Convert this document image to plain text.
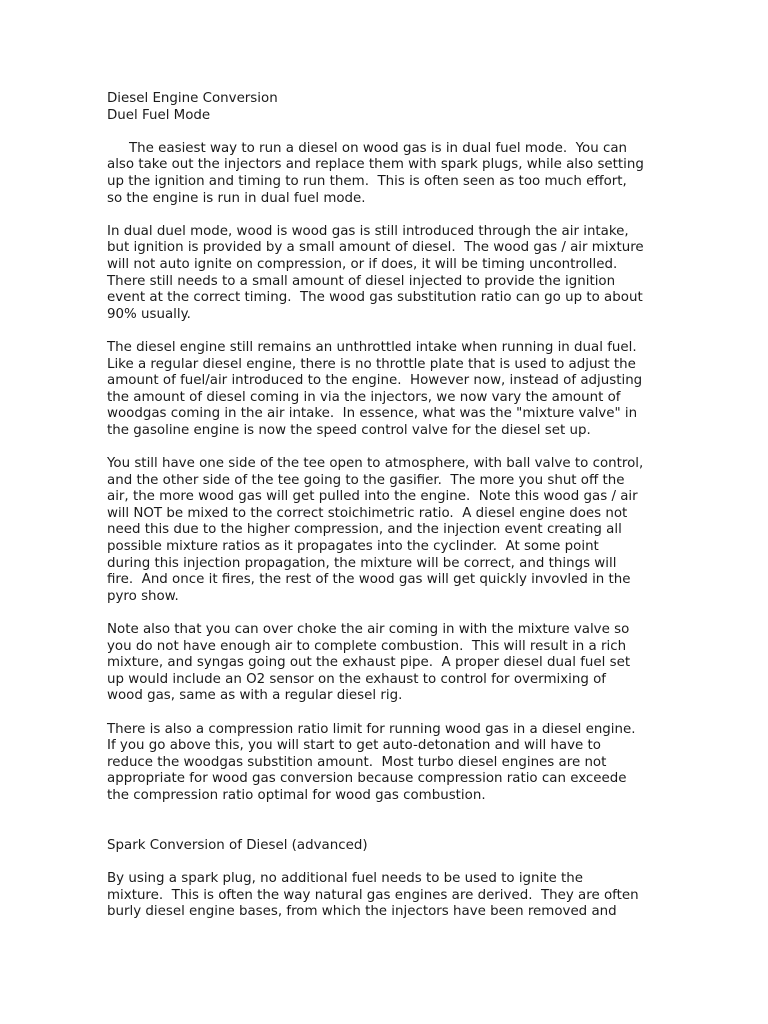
Diesel Engine Conversion

Duel Fuel Mode

The easiest way to run a diesel on wood gas is in dual fuel mode.  You can

also take out the injectors and replace them with spark plugs, while also setting

up the ignition and timing to run them.  This is often seen as too much effort,

so the engine is run in dual fuel mode.

In dual duel mode, wood is wood gas is still introduced through the air intake,

but ignition is provided by a small amount of diesel.  The wood gas / air mixture

will not auto ignite on compression, or if does, it will be timing uncontrolled.

There still needs to a small amount of diesel injected to provide the ignition

event at the correct timing.  The wood gas substitution ratio can go up to about

90% usually.

The diesel engine still remains an unthrottled intake when running in dual fuel.

Like a regular diesel engine, there is no throttle plate that is used to adjust the

amount of fuel/air introduced to the engine.  However now, instead of adjusting

the amount of diesel coming in via the injectors, we now vary the amount of

woodgas coming in the air intake.  In essence, what was the "mixture valve" in

the gasoline engine is now the speed control valve for the diesel set up.

You still have one side of the tee open to atmosphere, with ball valve to control,

and the other side of the tee going to the gasifier.  The more you shut off the

air, the more wood gas will get pulled into the engine.  Note this wood gas / air

will NOT be mixed to the correct stoichimetric ratio.  A diesel engine does not

need this due to the higher compression, and the injection event creating all

possible mixture ratios as it propagates into the cyclinder.  At some point

during this injection propagation, the mixture will be correct, and things will

fire.  And once it fires, the rest of the wood gas will get quickly invovled in the

pyro show.

Note also that you can over choke the air coming in with the mixture valve so

you do not have enough air to complete combustion.  This will result in a rich

mixture, and syngas going out the exhaust pipe.  A proper diesel dual fuel set

up would include an O2 sensor on the exhaust to control for overmixing of

wood gas, same as with a regular diesel rig.

There is also a compression ratio limit for running wood gas in a diesel engine.

If you go above this, you will start to get auto-detonation and will have to

reduce the woodgas substition amount.  Most turbo diesel engines are not

appropriate for wood gas conversion because compression ratio can exceede

the compression ratio optimal for wood gas combustion.

Spark Conversion of Diesel (advanced)

By using a spark plug, no additional fuel needs to be used to ignite the

mixture.  This is often the way natural gas engines are derived.  They are often

burly diesel engine bases, from which the injectors have been removed and
